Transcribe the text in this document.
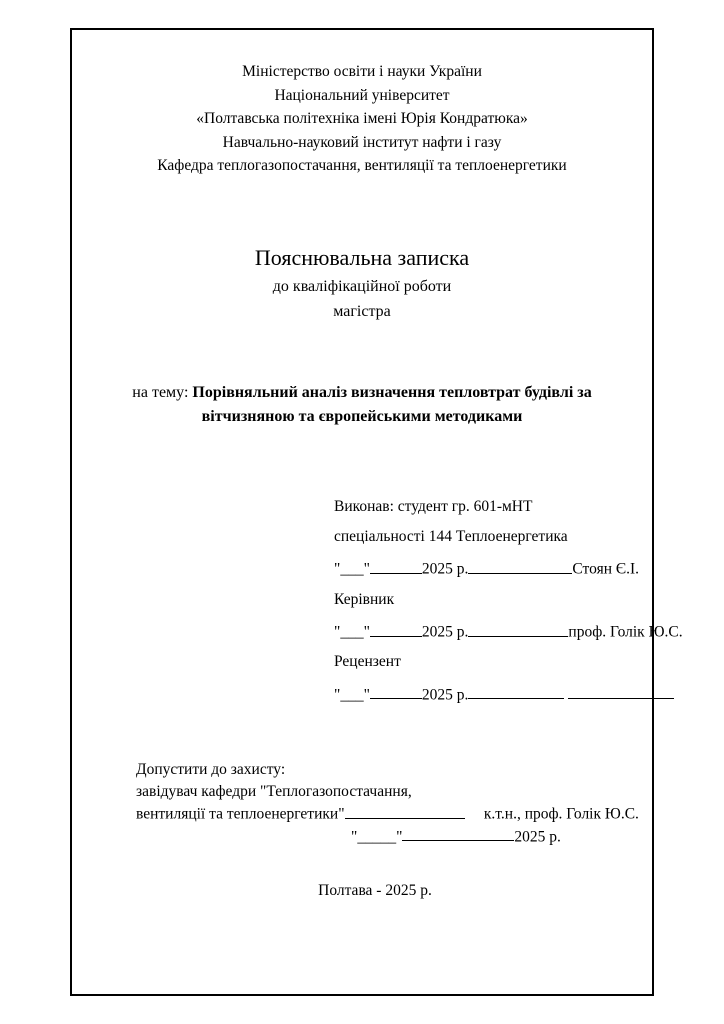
Міністерство освіти і науки України
Національний університет
«Полтавська політехніка імені Юрія Кондратюка»
Навчально-науковий інститут нафти і газу
Кафедра теплогазопостачання, вентиляції та теплоенергетики
Пояснювальна записка
до кваліфікаційної роботи
магістра
на тему: Порівняльний аналіз визначення тепловтрат будівлі за вітчизняною та європейськими методиками
Виконав: студент гр. 601-мНТ
спеціальності 144 Теплоенергетика
"___"	2025 р.	Стоян Є.І.
Керівник
"___"	2025 р.	проф. Голік Ю.С.
Рецензент
"___"	2025 р.
Допустити до захисту:
завідувач кафедри "Теплогазопостачання,
вентиляції та теплоенергетики"	к.т.н., проф. Голік Ю.С.
"_____"	2025 р.
Полтава - 2025 р.
